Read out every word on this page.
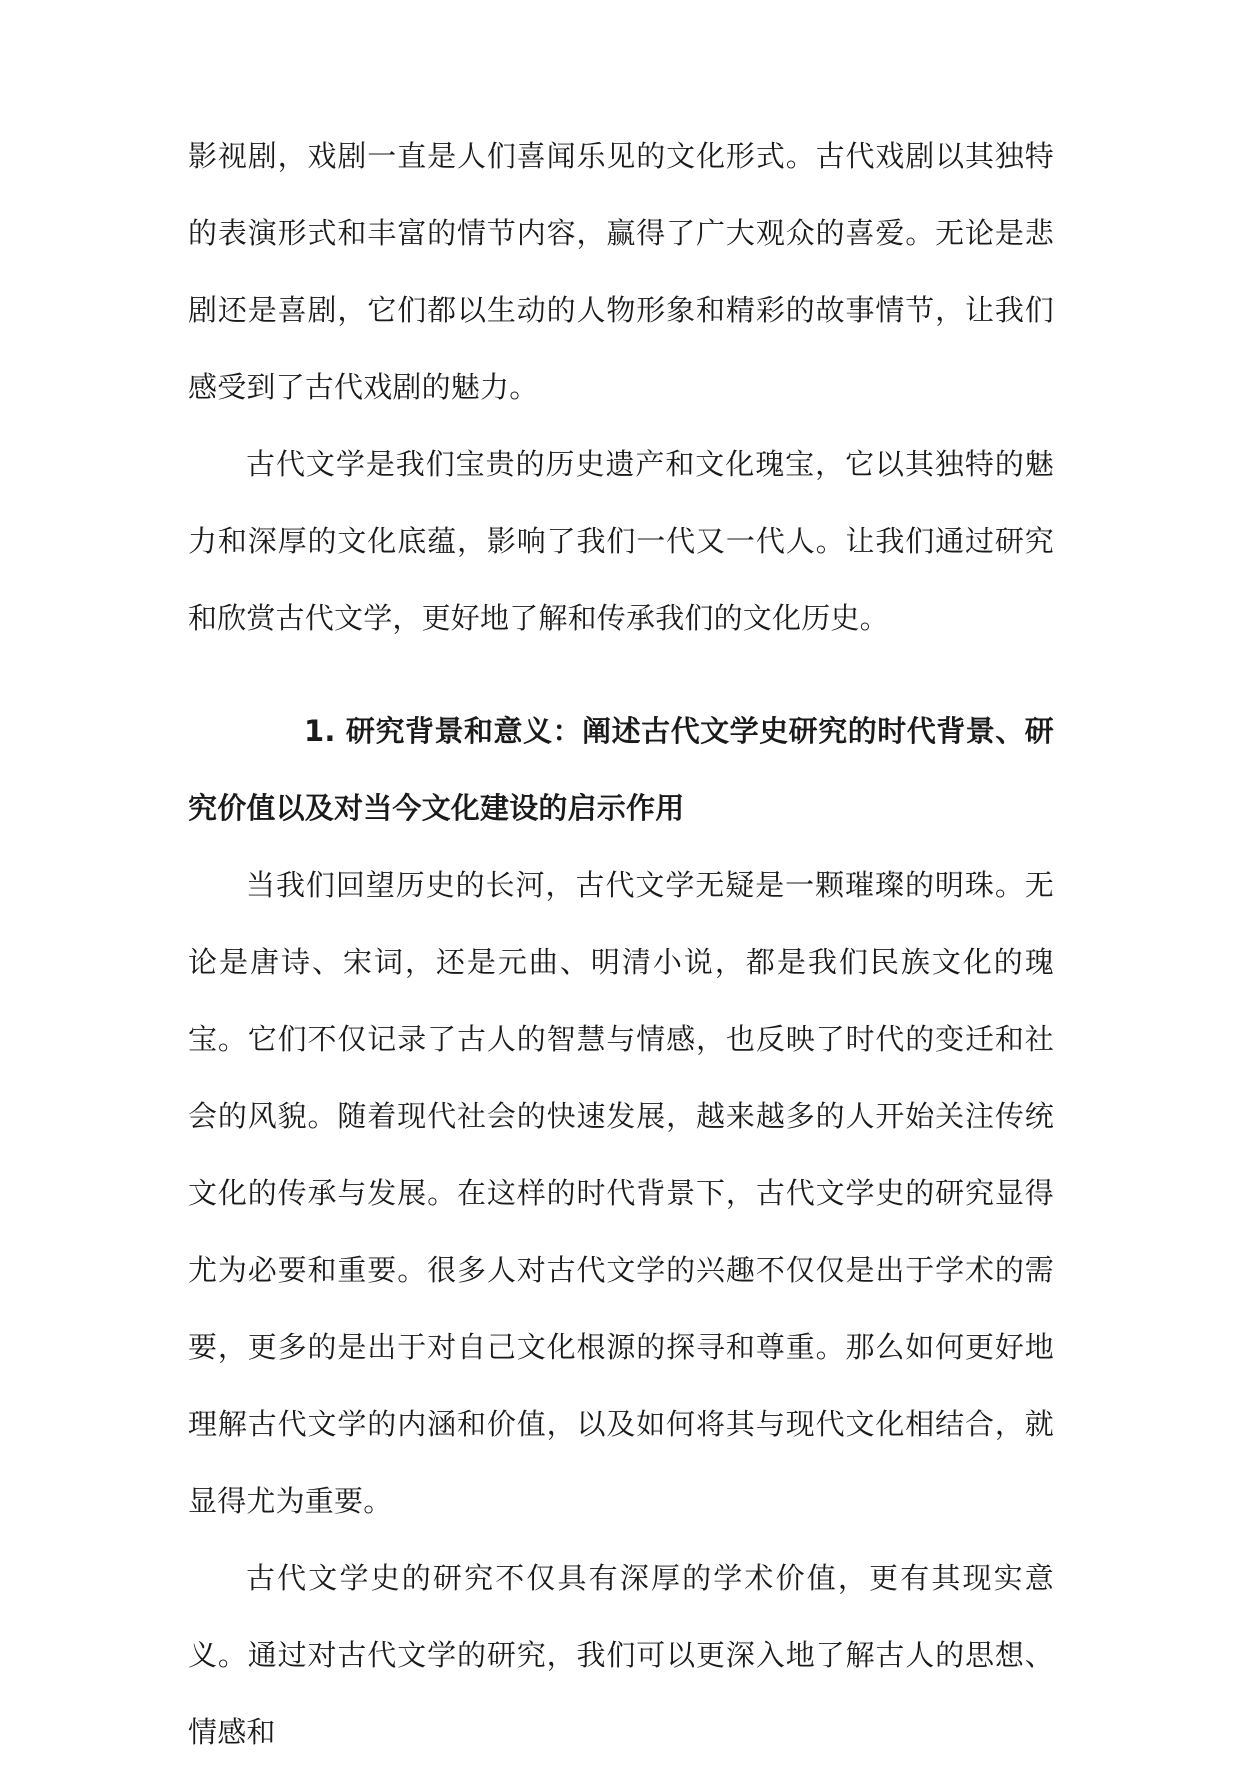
影视剧，戏剧一直是人们喜闻乐见的文化形式。古代戏剧以其独特的表演形式和丰富的情节内容，赢得了广大观众的喜爱。无论是悲剧还是喜剧，它们都以生动的人物形象和精彩的故事情节，让我们感受到了古代戏剧的魅力。

古代文学是我们宝贵的历史遗产和文化瑰宝，它以其独特的魅力和深厚的文化底蕴，影响了我们一代又一代人。让我们通过研究和欣赏古代文学，更好地了解和传承我们的文化历史。

1. 研究背景和意义：阐述古代文学史研究的时代背景、研究价值以及对当今文化建设的启示作用

当我们回望历史的长河，古代文学无疑是一颗璀璨的明珠。无论是唐诗、宋词，还是元曲、明清小说，都是我们民族文化的瑰宝。它们不仅记录了古人的智慧与情感，也反映了时代的变迁和社会的风貌。随着现代社会的快速发展，越来越多的人开始关注传统文化的传承与发展。在这样的时代背景下，古代文学史的研究显得尤为必要和重要。很多人对古代文学的兴趣不仅仅是出于学术的需要，更多的是出于对自己文化根源的探寻和尊重。那么如何更好地理解古代文学的内涵和价值，以及如何将其与现代文化相结合，就显得尤为重要。

古代文学史的研究不仅具有深厚的学术价值，更有其现实意义。通过对古代文学的研究，我们可以更深入地了解古人的思想、情感和
